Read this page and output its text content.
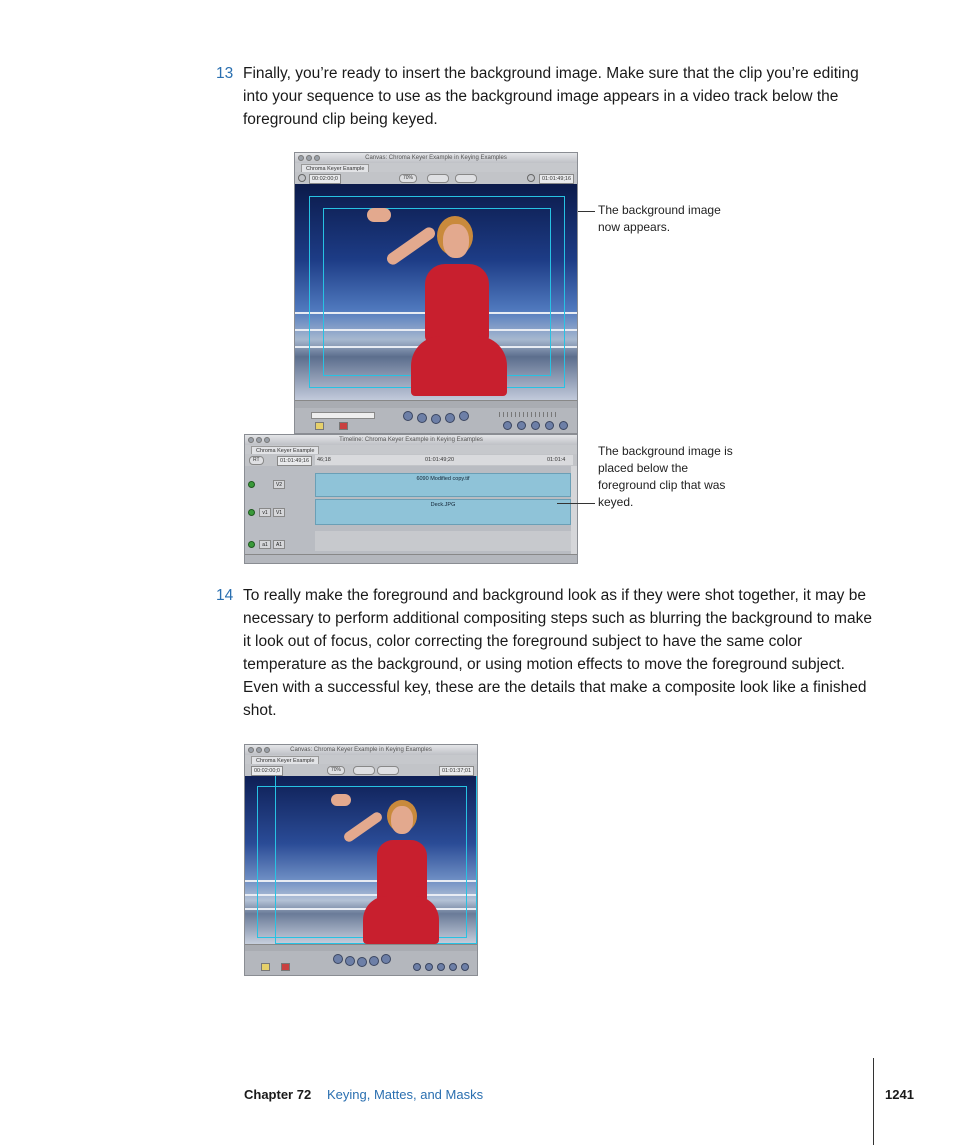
13 Finally, you’re ready to insert the background image. Make sure that the clip you’re editing into your sequence to use as the background image appears in a video track below the foreground clip being keyed.
Canvas: Chroma Keyer Example in Keying Examples
Chroma Keyer Example
00:02:00;0	70%	01:01:49;16
The background image now appears.
Timeline: Chroma Keyer Example in Keying Examples
Chroma Keyer Example
RT	01:01:49;16	46;18	01:01:49;20	01:01:4
V2
6090 Modified copy.tif
v1	V1
Deck.JPG
a1	A1
The background image is placed below the foreground clip that was keyed.
14 To really make the foreground and background look as if they were shot together, it may be necessary to perform additional compositing steps such as blurring the background to make it look out of focus, color correcting the foreground subject to have the same color temperature as the background, or using motion effects to move the foreground subject. Even with a successful key, these are the details that make a composite look like a finished shot.
Canvas: Chroma Keyer Example in Keying Examples
Chroma Keyer Example
00:02:00;0	70%	01:01:37;01
Chapter 72 Keying, Mattes, and Masks	1241
